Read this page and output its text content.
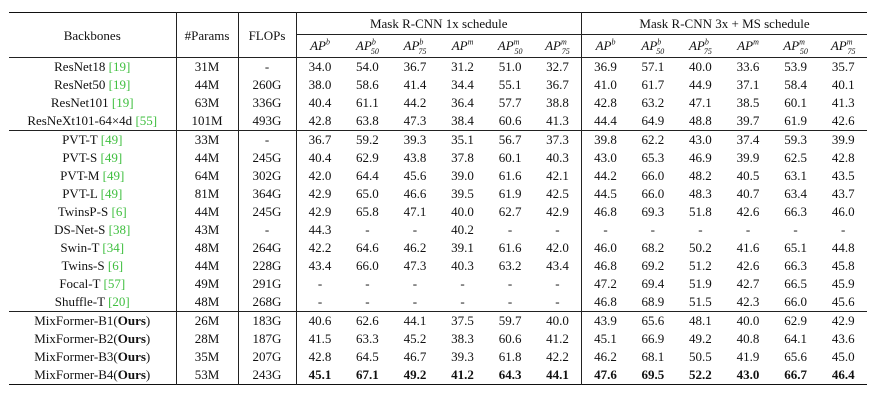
Backbones	#Params	FLOPs	Mask R-CNN 1x schedule						Mask R-CNN 3x + MS schedule					
			$AP^b$	$AP^b_{50}$	$AP^b_{75}$	$AP^m$	$AP^m_{50}$	$AP^m_{75}$	$AP^b$	$AP^b_{50}$	$AP^b_{75}$	$AP^m$	$AP^m_{50}$	$AP^m_{75}$
ResNet18 [19]	31M	-	34.0	54.0	36.7	31.2	51.0	32.7	36.9	57.1	40.0	33.6	53.9	35.7
ResNet50 [19]	44M	260G	38.0	58.6	41.4	34.4	55.1	36.7	41.0	61.7	44.9	37.1	58.4	40.1
ResNet101 [19]	63M	336G	40.4	61.1	44.2	36.4	57.7	38.8	42.8	63.2	47.1	38.5	60.1	41.3
ResNeXt101-64×4d [55]	101M	493G	42.8	63.8	47.3	38.4	60.6	41.3	44.4	64.9	48.8	39.7	61.9	42.6
PVT-T [49]	33M	-	36.7	59.2	39.3	35.1	56.7	37.3	39.8	62.2	43.0	37.4	59.3	39.9
PVT-S [49]	44M	245G	40.4	62.9	43.8	37.8	60.1	40.3	43.0	65.3	46.9	39.9	62.5	42.8
PVT-M [49]	64M	302G	42.0	64.4	45.6	39.0	61.6	42.1	44.2	66.0	48.2	40.5	63.1	43.5
PVT-L [49]	81M	364G	42.9	65.0	46.6	39.5	61.9	42.5	44.5	66.0	48.3	40.7	63.4	43.7
TwinsP-S [6]	44M	245G	42.9	65.8	47.1	40.0	62.7	42.9	46.8	69.3	51.8	42.6	66.3	46.0
DS-Net-S [38]	43M	-	44.3	-	-	40.2	-	-	-	-	-	-	-	-
Swin-T [34]	48M	264G	42.2	64.6	46.2	39.1	61.6	42.0	46.0	68.2	50.2	41.6	65.1	44.8
Twins-S [6]	44M	228G	43.4	66.0	47.3	40.3	63.2	43.4	46.8	69.2	51.2	42.6	66.3	45.8
Focal-T [57]	49M	291G	-	-	-	-	-	-	47.2	69.4	51.9	42.7	66.5	45.9
Shuffle-T [20]	48M	268G	-	-	-	-	-	-	46.8	68.9	51.5	42.3	66.0	45.6
MixFormer-B1(Ours)	26M	183G	40.6	62.6	44.1	37.5	59.7	40.0	43.9	65.6	48.1	40.0	62.9	42.9
MixFormer-B2(Ours)	28M	187G	41.5	63.3	45.2	38.3	60.6	41.2	45.1	66.9	49.2	40.8	64.1	43.6
MixFormer-B3(Ours)	35M	207G	42.8	64.5	46.7	39.3	61.8	42.2	46.2	68.1	50.5	41.9	65.6	45.0
MixFormer-B4(Ours)	53M	243G	45.1	67.1	49.2	41.2	64.3	44.1	47.6	69.5	52.2	43.0	66.7	46.4
